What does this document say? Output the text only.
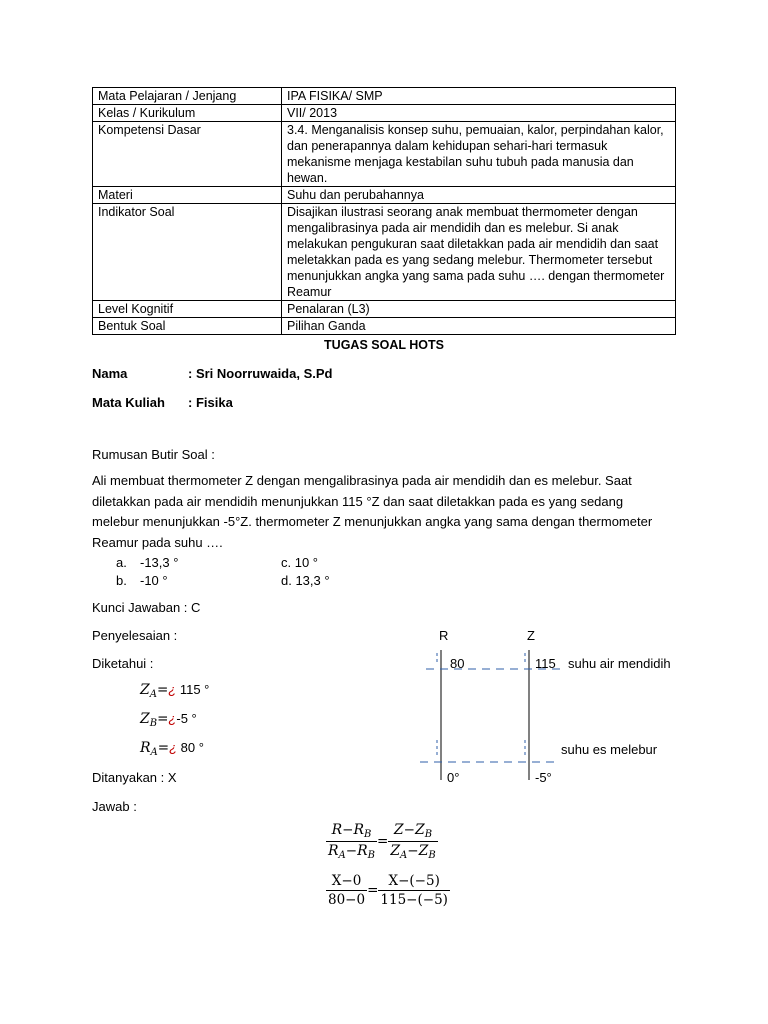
Mata Pelajaran / Jenjang	IPA FISIKA/ SMP
Kelas / Kurikulum	VII/ 2013
Kompetensi Dasar	3.4. Menganalisis konsep suhu, pemuaian, kalor, perpindahan kalor, dan penerapannya dalam kehidupan sehari-hari termasuk mekanisme menjaga kestabilan suhu tubuh pada manusia dan hewan.
Materi	Suhu dan perubahannya
Indikator Soal	Disajikan ilustrasi seorang anak membuat thermometer dengan mengalibrasinya pada air mendidih dan es melebur. Si anak melakukan pengukuran saat diletakkan pada air mendidih dan saat meletakkan pada es yang sedang melebur. Thermometer tersebut menunjukkan angka yang sama pada suhu …. dengan thermometer Reamur
Level Kognitif	Penalaran (L3)
Bentuk Soal	Pilihan Ganda
TUGAS SOAL HOTS
Nama	: Sri Noorruwaida, S.Pd
Mata Kuliah : Fisika
Rumusan Butir Soal :
Ali membuat thermometer Z dengan mengalibrasinya pada air mendidih dan es melebur. Saat diletakkan pada air mendidih menunjukkan 115 °Z dan saat diletakkan pada es yang sedang melebur menunjukkan -5°Z. thermometer Z menunjukkan angka yang sama dengan thermometer Reamur pada suhu ….
a. -13,3 °
b. -10 °
c. 10 °
d. 13,3 °
Kunci Jawaban : C
Penyelesaian :
Diketahui :
$Z_A=¿$ 115 °
$Z_B=¿-5$ °
$R_A=¿$ 80 °
Ditanyakan : X
Jawab :
$\frac{R-R_B}{R_A-R_B} = \frac{Z-Z_B}{Z_A-Z_B}$
$\frac{X-0}{80-0} = \frac{X-(-5)}{115-(-5)}$
R	Z
80	115 suhu air mendidih
suhu es melebur
0°	-5°
